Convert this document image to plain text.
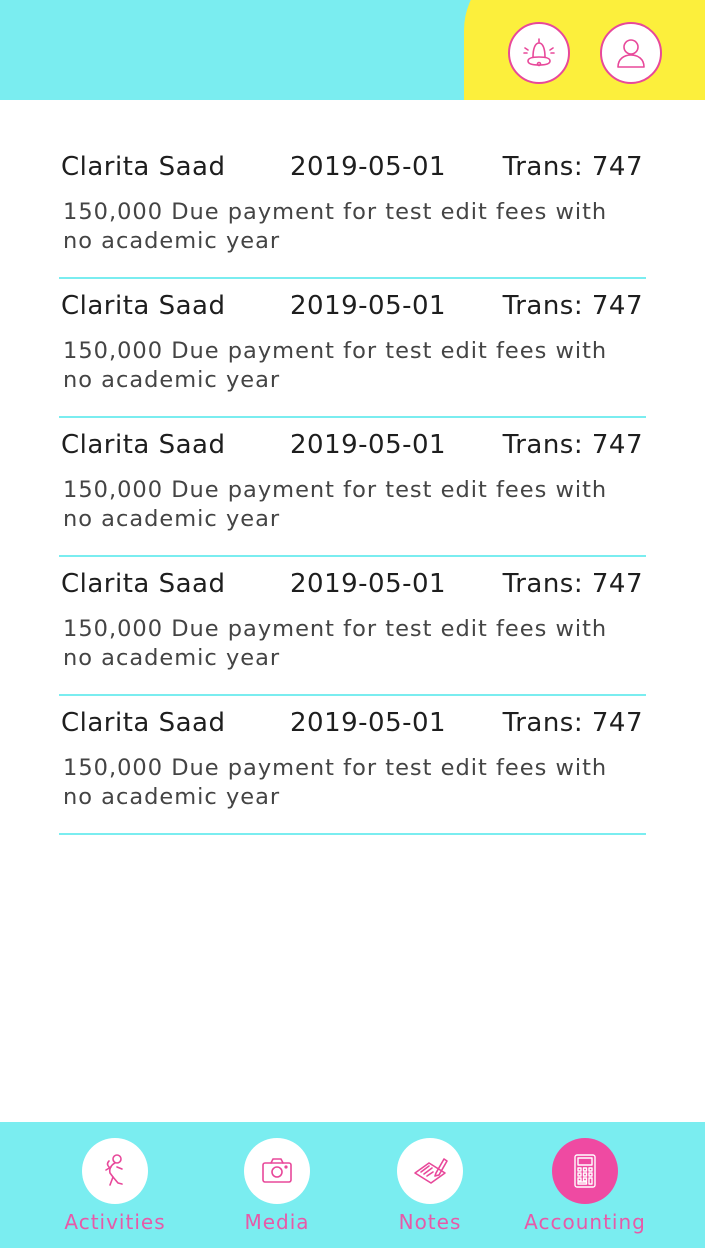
Clarita Saad 2019-05-01 Trans: 747
150,000 Due payment for test edit fees with no academic year
Clarita Saad 2019-05-01 Trans: 747
150,000 Due payment for test edit fees with no academic year
Clarita Saad 2019-05-01 Trans: 747
150,000 Due payment for test edit fees with no academic year
Clarita Saad 2019-05-01 Trans: 747
150,000 Due payment for test edit fees with no academic year
Clarita Saad 2019-05-01 Trans: 747
150,000 Due payment for test edit fees with no academic year
Activities	Media	Notes	Accounting
